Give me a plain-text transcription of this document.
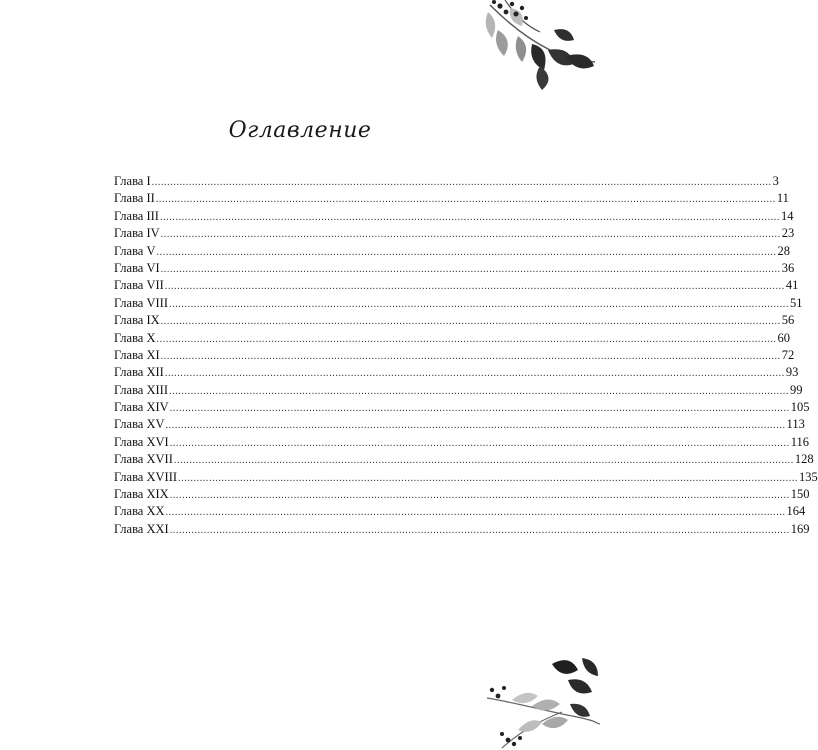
Оглавление
Глава I ........................................................................................................................................................................................................ 3
Глава II ........................................................................................................................................................................................................ 11
Глава III ........................................................................................................................................................................................................ 14
Глава IV ........................................................................................................................................................................................................ 23
Глава V ........................................................................................................................................................................................................ 28
Глава VI ........................................................................................................................................................................................................ 36
Глава VII ........................................................................................................................................................................................................ 41
Глава VIII ........................................................................................................................................................................................................ 51
Глава IX ........................................................................................................................................................................................................ 56
Глава X ........................................................................................................................................................................................................ 60
Глава XI ........................................................................................................................................................................................................ 72
Глава XII ........................................................................................................................................................................................................ 93
Глава XIII ........................................................................................................................................................................................................ 99
Глава XIV ........................................................................................................................................................................................................ 105
Глава XV ........................................................................................................................................................................................................ 113
Глава XVI ........................................................................................................................................................................................................ 116
Глава XVII ........................................................................................................................................................................................................ 128
Глава XVIII ........................................................................................................................................................................................................ 135
Глава XIX ........................................................................................................................................................................................................ 150
Глава XX ........................................................................................................................................................................................................ 164
Глава XXI ........................................................................................................................................................................................................ 169
